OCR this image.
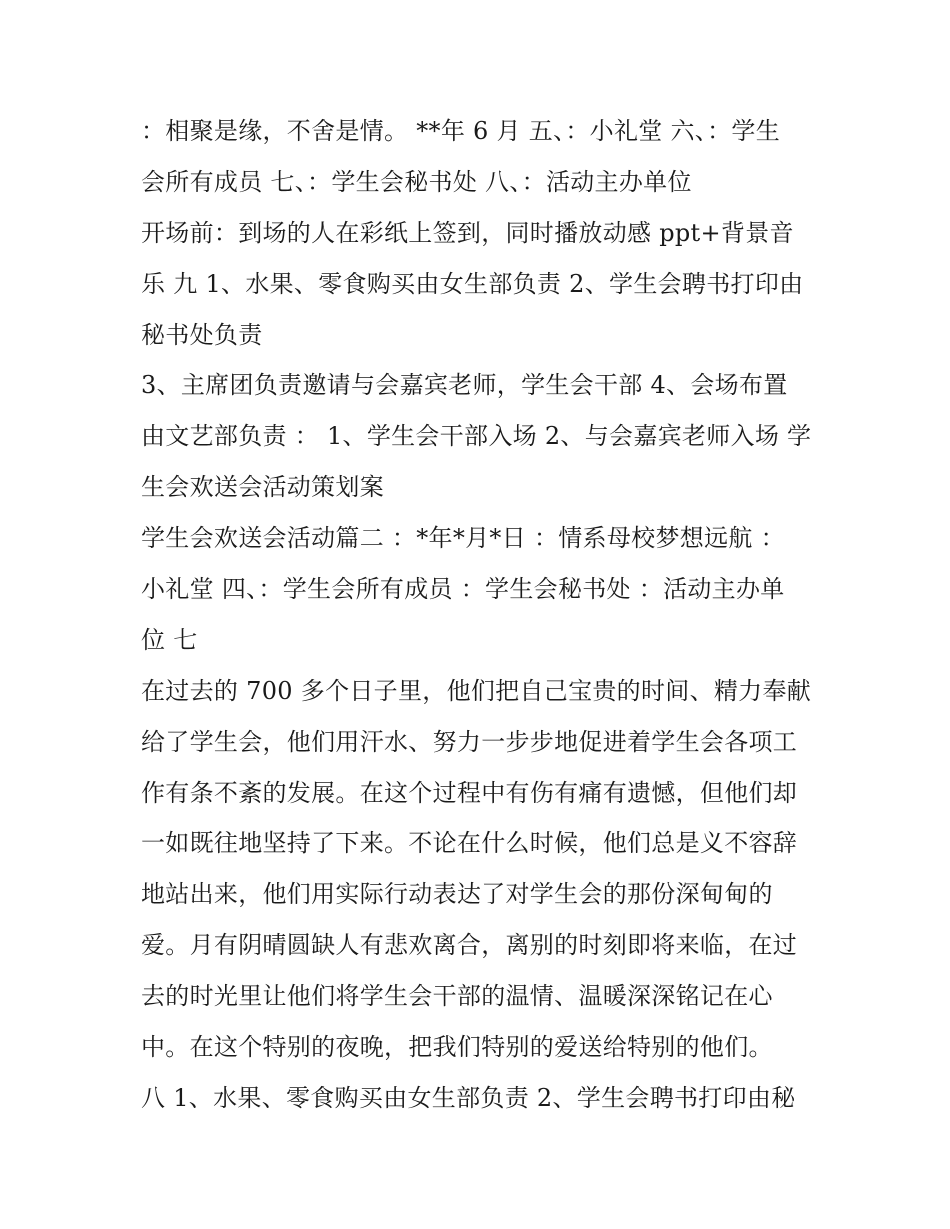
：相聚是缘，不舍是情。 **年 6 月 五、：小礼堂 六、：学生
会所有成员 七、：学生会秘书处 八、：活动主办单位
开场前：到场的人在彩纸上签到，同时播放动感 ppt+背景音
乐 九 1、水果、零食购买由女生部负责 2、学生会聘书打印由
秘书处负责
3、主席团负责邀请与会嘉宾老师，学生会干部 4、会场布置
由文艺部负责 ： 1、学生会干部入场 2、与会嘉宾老师入场 学
生会欢送会活动策划案
学生会欢送会活动篇二 ：*年*月*日 ：情系母校梦想远航 ：
小礼堂 四、：学生会所有成员 ：学生会秘书处 ：活动主办单
位 七
在过去的 700 多个日子里，他们把自己宝贵的时间、精力奉献
给了学生会，他们用汗水、努力一步步地促进着学生会各项工
作有条不紊的发展。在这个过程中有伤有痛有遗憾，但他们却
一如既往地坚持了下来。不论在什么时候，他们总是义不容辞
地站出来，他们用实际行动表达了对学生会的那份深甸甸的
爱。月有阴晴圆缺人有悲欢离合，离别的时刻即将来临，在过
去的时光里让他们将学生会干部的温情、温暖深深铭记在心
中。在这个特别的夜晚，把我们特别的爱送给特别的他们。
八 1、水果、零食购买由女生部负责 2、学生会聘书打印由秘
